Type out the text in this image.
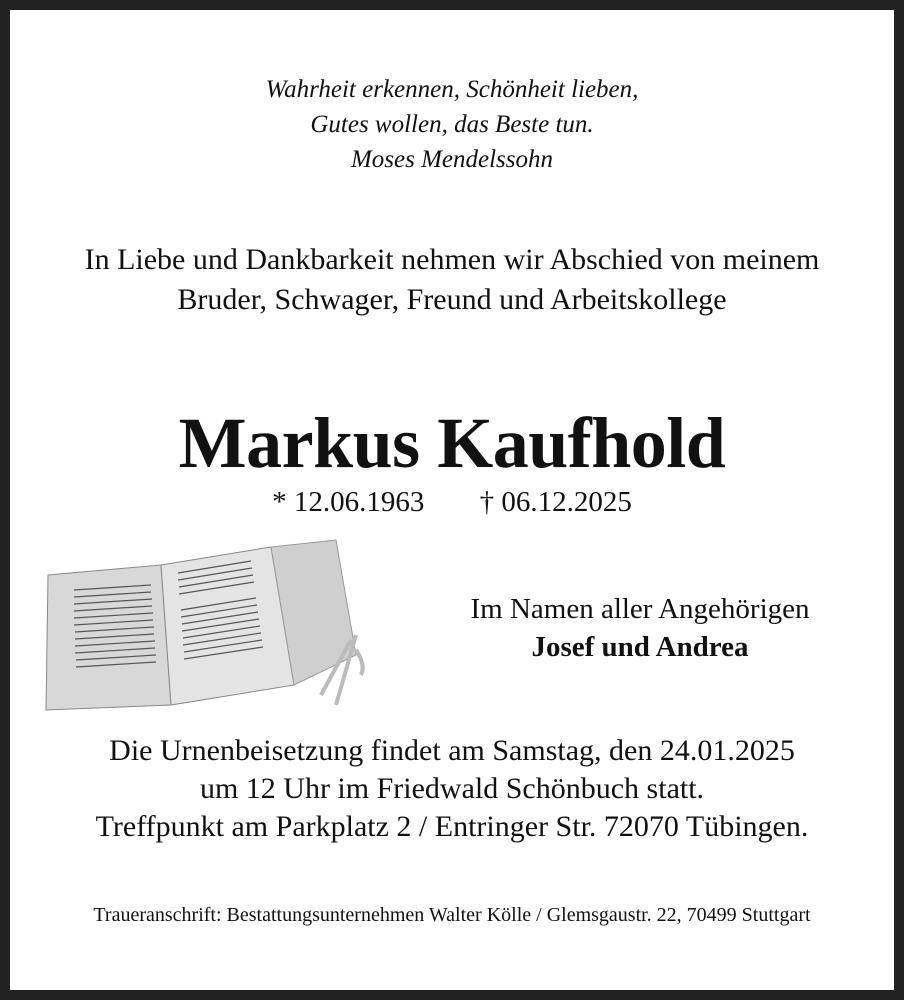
Wahrheit erkennen, Schönheit lieben,
Gutes wollen, das Beste tun.
Moses Mendelssohn
In Liebe und Dankbarkeit nehmen wir Abschied von meinem
Bruder, Schwager, Freund und Arbeitskollege
Markus Kaufhold
* 12.06.1963 † 06.12.2025
Im Namen aller Angehörigen
Josef und Andrea
Die Urnenbeisetzung findet am Samstag, den 24.01.2025
um 12 Uhr im Friedwald Schönbuch statt.
Treffpunkt am Parkplatz 2 / Entringer Str. 72070 Tübingen.
Traueranschrift: Bestattungsunternehmen Walter Kölle / Glemsgaustr. 22, 70499 Stuttgart
